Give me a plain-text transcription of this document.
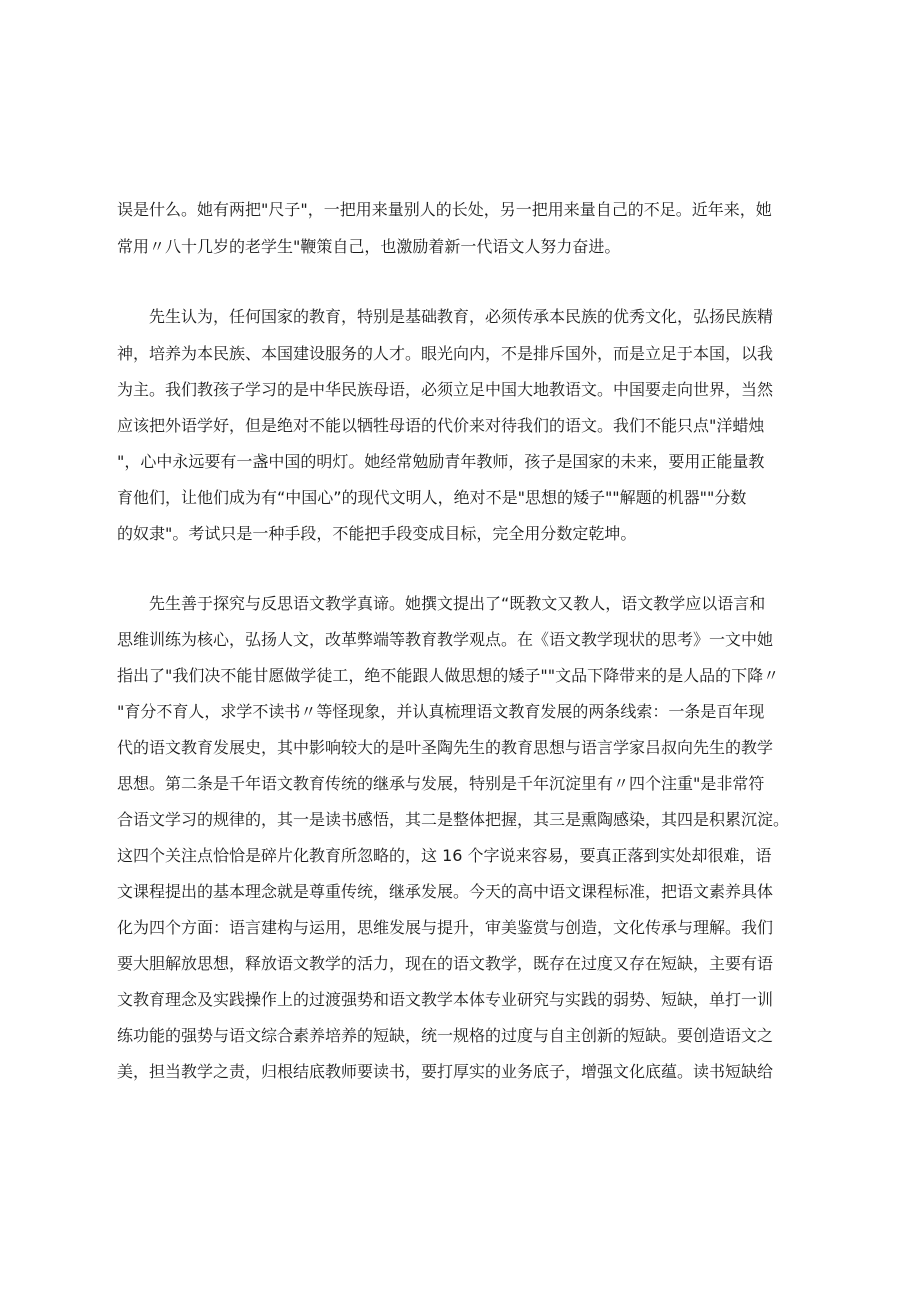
误是什么。她有两把"尺子"，一把用来量别人的长处，另一把用来量自己的不足。近年来，她
常用〃八十几岁的老学生"鞭策自己，也激励着新一代语文人努力奋进。
先生认为，任何国家的教育，特别是基础教育，必须传承本民族的优秀文化，弘扬民族精
神，培养为本民族、本国建设服务的人才。眼光向内，不是排斥国外，而是立足于本国，以我
为主。我们教孩子学习的是中华民族母语，必须立足中国大地教语文。中国要走向世界，当然
应该把外语学好，但是绝对不能以牺牲母语的代价来对待我们的语文。我们不能只点"洋蜡烛
"，心中永远要有一盏中国的明灯。她经常勉励青年教师，孩子是国家的未来，要用正能量教
育他们，让他们成为有“中国心”的现代文明人，绝对不是"思想的矮子""解题的机器""分数
的奴隶"。考试只是一种手段，不能把手段变成目标，完全用分数定乾坤。
先生善于探究与反思语文教学真谛。她撰文提出了“既教文又教人，语文教学应以语言和
思维训练为核心，弘扬人文，改革弊端等教育教学观点。在《语文教学现状的思考》一文中她
指出了"我们决不能甘愿做学徒工，绝不能跟人做思想的矮子""文品下降带来的是人品的下降〃
"育分不育人，求学不读书〃等怪现象，并认真梳理语文教育发展的两条线索：一条是百年现
代的语文教育发展史，其中影响较大的是叶圣陶先生的教育思想与语言学家吕叔向先生的教学
思想。第二条是千年语文教育传统的继承与发展，特别是千年沉淀里有〃四个注重"是非常符
合语文学习的规律的，其一是读书感悟，其二是整体把握，其三是熏陶感染，其四是积累沉淀。
这四个关注点恰恰是碎片化教育所忽略的，这 16 个字说来容易，要真正落到实处却很难，语
文课程提出的基本理念就是尊重传统，继承发展。今天的高中语文课程标准，把语文素养具体
化为四个方面：语言建构与运用，思维发展与提升，审美鉴赏与创造，文化传承与理解。我们
要大胆解放思想，释放语文教学的活力，现在的语文教学，既存在过度又存在短缺，主要有语
文教育理念及实践操作上的过渡强势和语文教学本体专业研究与实践的弱势、短缺，单打一训
练功能的强势与语文综合素养培养的短缺，统一规格的过度与自主创新的短缺。要创造语文之
美，担当教学之责，归根结底教师要读书，要打厚实的业务底子，增强文化底蕴。读书短缺给
